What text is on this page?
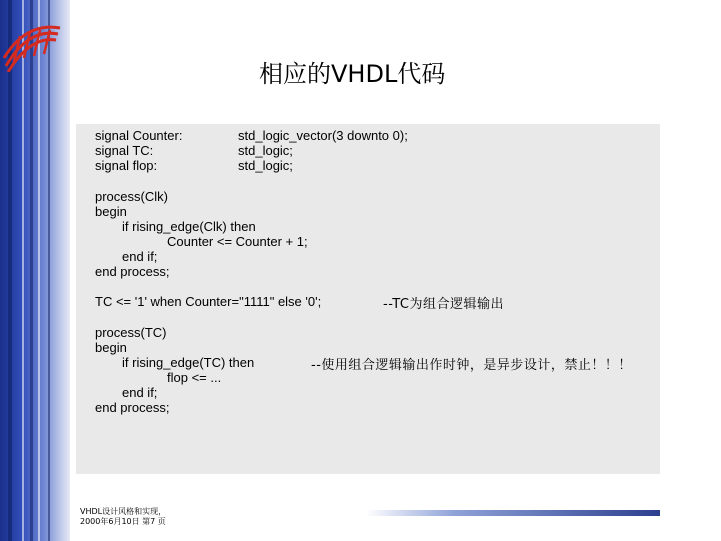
相应的VHDL代码
signal Counter:	std_logic_vector(3 downto 0);
signal TC:	std_logic;
signal flop:	std_logic;
process(Clk)
begin
if rising_edge(Clk) then
Counter <= Counter + 1;
end if;
end process;
TC <= '1' when Counter="1111" else '0';	--TC为组合逻辑输出
process(TC)
begin
if rising_edge(TC) then	--使用组合逻辑输出作时钟，是异步设计，禁止！！！
flop <= ...
end if;
end process;
VHDL设计风格和实现，
2000年6月10日 第7 页
